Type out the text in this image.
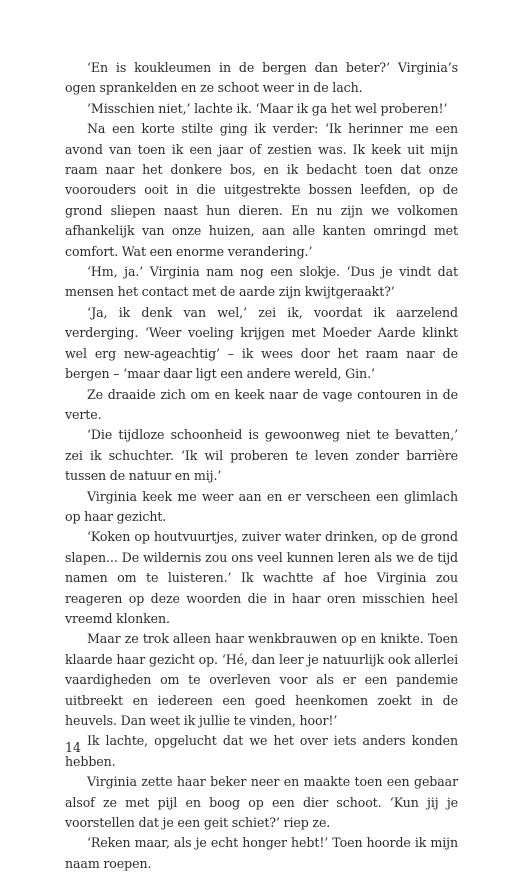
‘En is koukleumen in de bergen dan beter?’ Virginia’s ogen sprankelden en ze schoot weer in de lach.

‘Misschien niet,’ lachte ik. ‘Maar ik ga het wel proberen!’

Na een korte stilte ging ik verder: ‘Ik herinner me een avond van toen ik een jaar of zestien was. Ik keek uit mijn raam naar het donkere bos, en ik bedacht toen dat onze voorouders ooit in die uitgestrekte bossen leefden, op de grond sliepen naast hun dieren. En nu zijn we volkomen afhankelijk van onze huizen, aan alle kanten omringd met comfort. Wat een enorme verandering.’

‘Hm, ja.’ Virginia nam nog een slokje. ‘Dus je vindt dat mensen het contact met de aarde zijn kwijtgeraakt?’

‘Ja, ik denk van wel,’ zei ik, voordat ik aarzelend verderging. ‘Weer voeling krijgen met Moeder Aarde klinkt wel erg new-ageachtig’ – ik wees door het raam naar de bergen – ‘maar daar ligt een andere wereld, Gin.’

Ze draaide zich om en keek naar de vage contouren in de verte.

‘Die tijdloze schoonheid is gewoonweg niet te bevatten,’ zei ik schuchter. ‘Ik wil proberen te leven zonder barrière tussen de natuur en mij.’

Virginia keek me weer aan en er verscheen een glimlach op haar gezicht.

‘Koken op houtvuurtjes, zuiver water drinken, op de grond slapen... De wildernis zou ons veel kunnen leren als we de tijd namen om te luisteren.’ Ik wachtte af hoe Virginia zou reageren op deze woorden die in haar oren misschien heel vreemd klonken.

Maar ze trok alleen haar wenkbrauwen op en knikte. Toen klaarde haar gezicht op. ‘Hé, dan leer je natuurlijk ook allerlei vaardigheden om te overleven voor als er een pandemie uitbreekt en iedereen een goed heenkomen zoekt in de heuvels. Dan weet ik jullie te vinden, hoor!’

Ik lachte, opgelucht dat we het over iets anders konden hebben.

Virginia zette haar beker neer en maakte toen een gebaar alsof ze met pijl en boog op een dier schoot. ‘Kun jij je voorstellen dat je een geit schiet?’ riep ze.

‘Reken maar, als je echt honger hebt!’ Toen hoorde ik mijn naam roepen.

14
